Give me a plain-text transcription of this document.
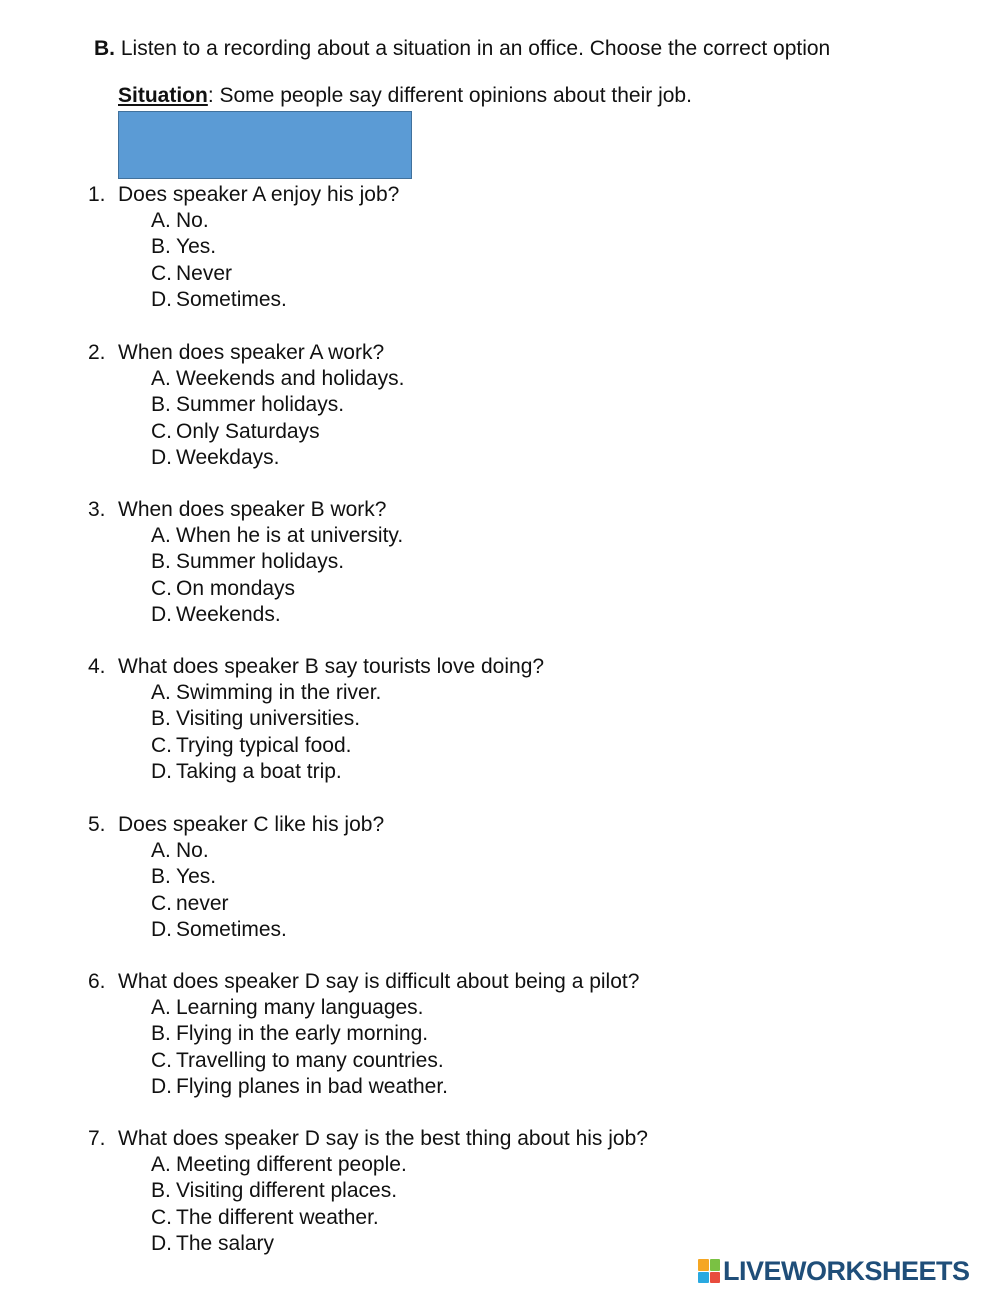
B. Listen to a recording about a situation in an office. Choose the correct option
Situation: Some people say different opinions about their job.
1. Does speaker A enjoy his job?
A. No.
B. Yes.
C. Never
D. Sometimes.
2. When does speaker A work?
A. Weekends and holidays.
B. Summer holidays.
C. Only Saturdays
D. Weekdays.
3. When does speaker B work?
A. When he is at university.
B. Summer holidays.
C. On mondays
D. Weekends.
4. What does speaker B say tourists love doing?
A. Swimming in the river.
B. Visiting universities.
C. Trying typical food.
D. Taking a boat trip.
5. Does speaker C like his job?
A. No.
B. Yes.
C. never
D. Sometimes.
6. What does speaker D say is difficult about being a pilot?
A. Learning many languages.
B. Flying in the early morning.
C. Travelling to many countries.
D. Flying planes in bad weather.
7. What does speaker D say is the best thing about his job?
A. Meeting different people.
B. Visiting different places.
C. The different weather.
D. The salary
LIVEWORKSHEETS
